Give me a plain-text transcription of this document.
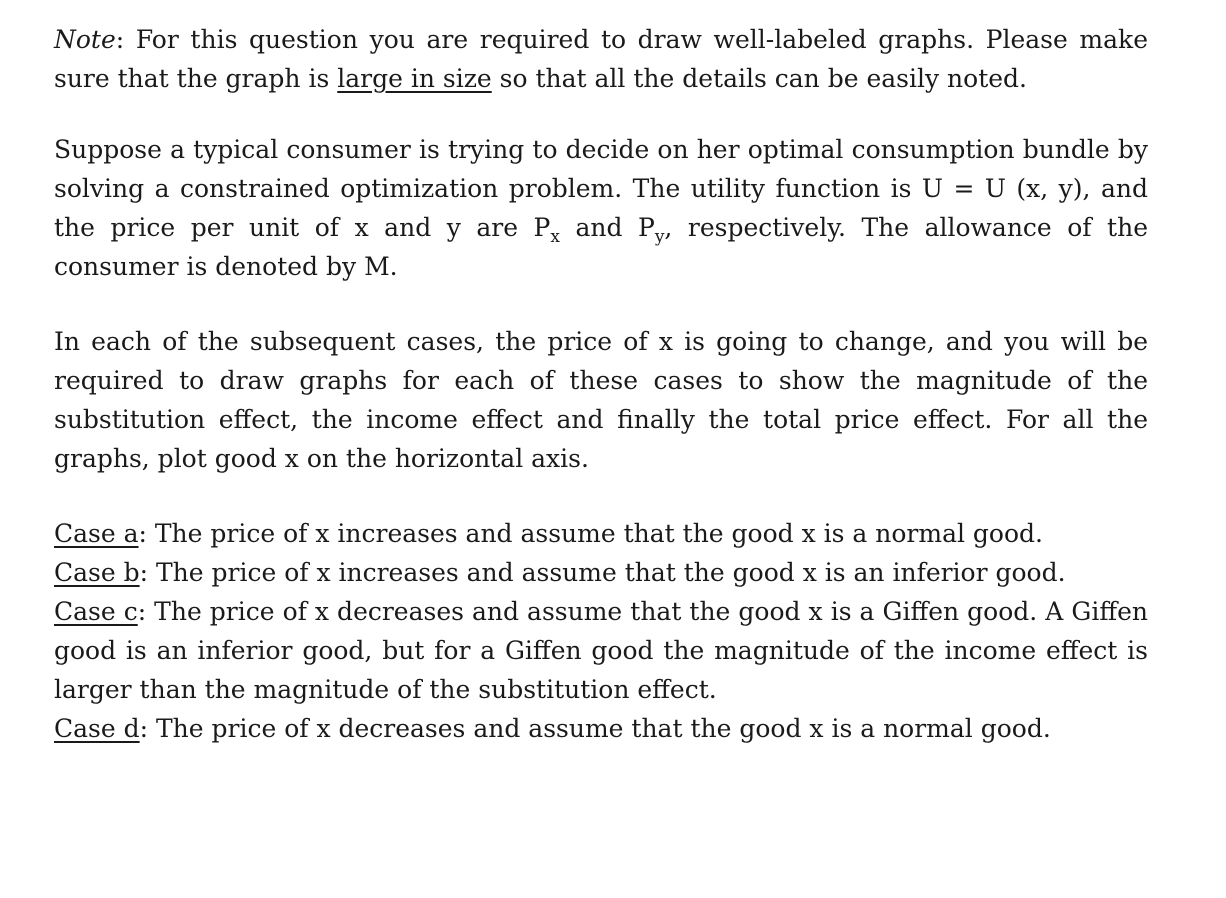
Note: For this question you are required to draw well-labeled graphs. Please make sure that the graph is large in size so that all the details can be easily noted.

Suppose a typical consumer is trying to decide on her optimal consumption bundle by solving a constrained optimization problem. The utility function is U = U (x, y), and the price per unit of x and y are $P_x$ and $P_y$, respectively. The allowance of the consumer is denoted by M.

In each of the subsequent cases, the price of x is going to change, and you will be required to draw graphs for each of these cases to show the magnitude of the substitution effect, the income effect and finally the total price effect. For all the graphs, plot good x on the horizontal axis.

Case a: The price of x increases and assume that the good x is a normal good.

Case b: The price of x increases and assume that the good x is an inferior good.

Case c: The price of x decreases and assume that the good x is a Giffen good. A Giffen good is an inferior good, but for a Giffen good the magnitude of the income effect is larger than the magnitude of the substitution effect.

Case d: The price of x decreases and assume that the good x is a normal good.
